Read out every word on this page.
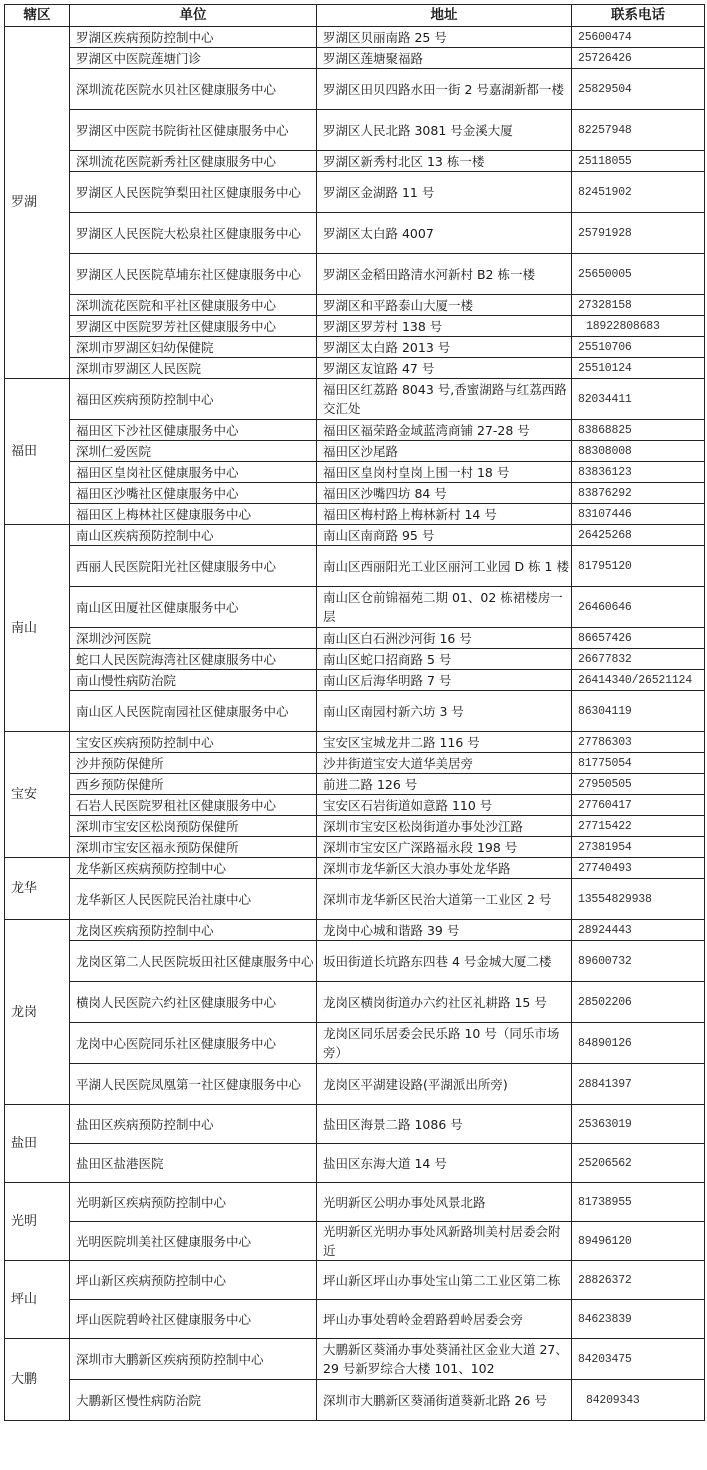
辖区	单位	地址	联系电话
罗湖	罗湖区疾病预防控制中心	罗湖区贝丽南路 25 号	25600474
	罗湖区中医院莲塘门诊	罗湖区莲塘聚福路	25726426
	深圳流花医院水贝社区健康服务中心	罗湖区田贝四路水田一街 2 号嘉湖新都一楼	25829504
	罗湖区中医院书院街社区健康服务中心	罗湖区人民北路 3081 号金溪大厦	82257948
	深圳流花医院新秀社区健康服务中心	罗湖区新秀村北区 13 栋一楼	25118055
	罗湖区人民医院笋梨田社区健康服务中心	罗湖区金湖路 11 号	82451902
	罗湖区人民医院大松泉社区健康服务中心	罗湖区太白路 4007	25791928
	罗湖区人民医院草埔东社区健康服务中心	罗湖区金稻田路清水河新村 B2 栋一楼	25650005
	深圳流花医院和平社区健康服务中心	罗湖区和平路泰山大厦一楼	27328158
	罗湖区中医院罗芳社区健康服务中心	罗湖区罗芳村 138 号	18922808683
	深圳市罗湖区妇幼保健院	罗湖区太白路 2013 号	25510706
	深圳市罗湖区人民医院	罗湖区友谊路 47 号	25510124
福田	福田区疾病预防控制中心	福田区红荔路 8043 号,香蜜湖路与红荔西路交汇处	82034411
	福田区下沙社区健康服务中心	福田区福荣路金域蓝湾商铺 27-28 号	83868825
	深圳仁爱医院	福田区沙尾路	88308008
	福田区皇岗社区健康服务中心	福田区皇岗村皇岗上围一村 18 号	83836123
	福田区沙嘴社区健康服务中心	福田区沙嘴四坊 84 号	83876292
	福田区上梅林社区健康服务中心	福田区梅村路上梅林新村 14 号	83107446
南山	南山区疾病预防控制中心	南山区南商路 95 号	26425268
	西丽人民医院阳光社区健康服务中心	南山区西丽阳光工业区丽河工业园 D 栋 1 楼	81795120
	南山区田厦社区健康服务中心	南山区仓前锦福苑二期 01、02 栋裙楼房一层	26460646
	深圳沙河医院	南山区白石洲沙河街 16 号	86657426
	蛇口人民医院海湾社区健康服务中心	南山区蛇口招商路 5 号	26677832
	南山慢性病防治院	南山区后海华明路 7 号	26414340/26521124
	南山区人民医院南园社区健康服务中心	南山区南园村新六坊 3 号	86304119
宝安	宝安区疾病预防控制中心	宝安区宝城龙井二路 116 号	27786303
	沙井预防保健所	沙井街道宝安大道华美居旁	81775054
	西乡预防保健所	前进二路 126 号	27950505
	石岩人民医院罗租社区健康服务中心	宝安区石岩街道如意路 110 号	27760417
	深圳市宝安区松岗预防保健所	深圳市宝安区松岗街道办事处沙江路	27715422
	深圳市宝安区福永预防保健所	深圳市宝安区广深路福永段 198 号	27381954
龙华	龙华新区疾病预防控制中心	深圳市龙华新区大浪办事处龙华路	27740493
	龙华新区人民医院民治社康中心	深圳市龙华新区民治大道第一工业区 2 号	13554829938
龙岗	龙岗区疾病预防控制中心	龙岗中心城和谐路 39 号	28924443
	龙岗区第二人民医院坂田社区健康服务中心	坂田街道长坑路东四巷 4 号金城大厦二楼	89600732
	横岗人民医院六约社区健康服务中心	龙岗区横岗街道办六约社区礼耕路 15 号	28502206
	龙岗中心医院同乐社区健康服务中心	龙岗区同乐居委会民乐路 10 号（同乐市场旁）	84890126
	平湖人民医院凤凰第一社区健康服务中心	龙岗区平湖建设路(平湖派出所旁)	28841397
盐田	盐田区疾病预防控制中心	盐田区海景二路 1086 号	25363019
	盐田区盐港医院	盐田区东海大道 14 号	25206562
光明	光明新区疾病预防控制中心	光明新区公明办事处风景北路	81738955
	光明医院圳美社区健康服务中心	光明新区光明办事处风新路圳美村居委会附近	89496120
坪山	坪山新区疾病预防控制中心	坪山新区坪山办事处宝山第二工业区第二栋	28826372
	坪山医院碧岭社区健康服务中心	坪山办事处碧岭金碧路碧岭居委会旁	84623839
大鹏	深圳市大鹏新区疾病预防控制中心	大鹏新区葵涌办事处葵涌社区金业大道 27、29 号新罗综合大楼 101、102	84203475
	大鹏新区慢性病防治院	深圳市大鹏新区葵涌街道葵新北路 26 号	84209343
